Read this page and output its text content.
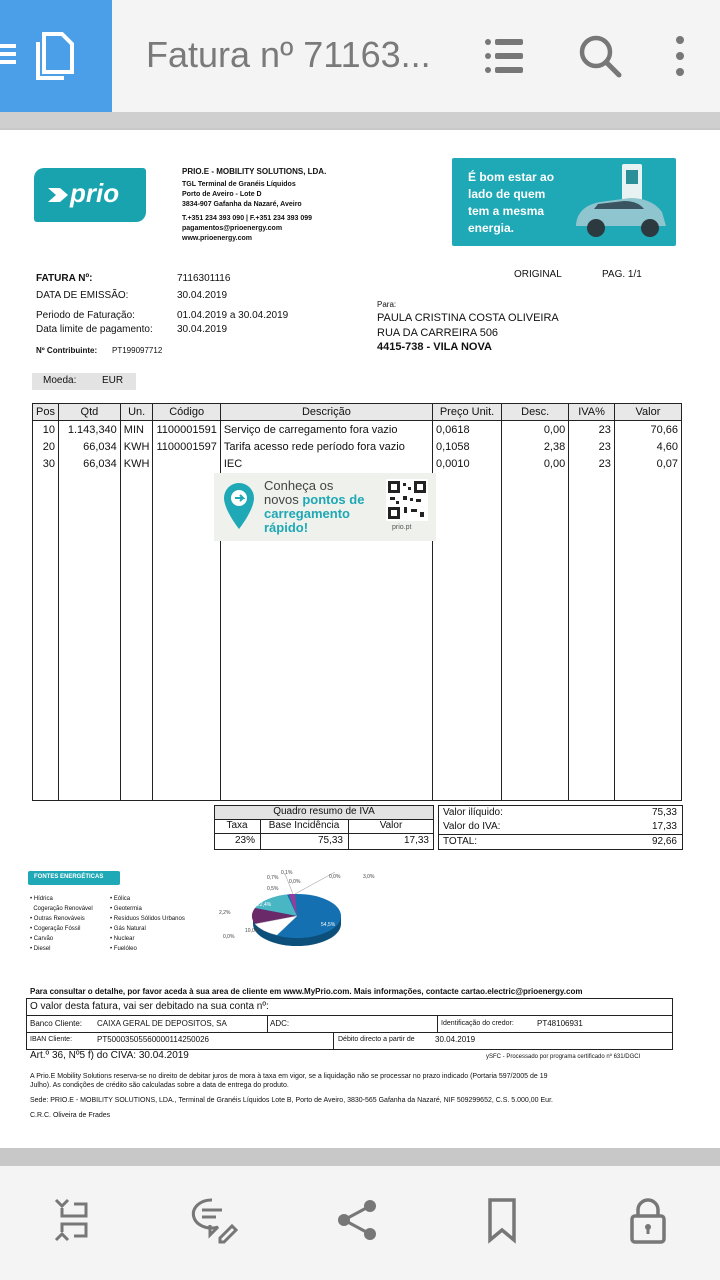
Fatura nº 71163...
prio
PRIO.E - MOBILITY SOLUTIONS, LDA.
TGL Terminal de Granéis Líquidos
Porto de Aveiro - Lote D
3834-907 Gafanha da Nazaré, Aveiro
T.+351 234 393 090 | F.+351 234 393 099
pagamentos@prioenergy.com
www.prioenergy.com
É bom estar ao
lado de quem
tem a mesma
energia.
FATURA Nº:	7116301116
DATA DE EMISSÃO:	30.04.2019
Periodo de Faturação:	01.04.2019 a 30.04.2019
Data limite de pagamento: 30.04.2019
Nº Contribuinte: PT199097712
ORIGINAL	PAG. 1/1
Para:
PAULA CRISTINA COSTA OLIVEIRA
RUA DA CARREIRA 506
4415-738 - VILA NOVA
Moeda:	EUR
Pos	Qtd	Un.	Código	Descrição	Preço Unit.	Desc.	IVA%	Valor
10	1.143,340	MIN	1100001591	Serviço de carregamento fora vazio	0,0618	0,00	23	70,66
20	66,034	KWH	1100001597	Tarifa acesso rede período fora vazio	0,1058	2,38	23	4,60
30	66,034	KWH		IEC	0,0010	0,00	23	0,07

Conheça os
novos pontos de
carregamento
rápido!	prio.pt
Quadro resumo de IVA
Taxa	Base Incidência	Valor
23%	75,33	17,33
Valor ilíquido:	75,33
Valor do IVA:	17,33
TOTAL:	92,66
FONTES ENERGÉTICAS
• Hídrica
Cogeração Renovável
• Outras Renováveis
• Cogeração Fóssil
• Carvão
• Diesel
• Eólica
• Geotermia
• Resíduos Sólidos Urbanos
• Gás Natural
• Nuclear
• Fuelóleo
0,1%
0,7%
0,0%
0,0%	3,0%
0,5%
22,4%
2,2%
6,4%
54,5%
10,0%
0,0%
Para consultar o detalhe, por favor aceda à sua area de cliente em www.MyPrio.com. Mais informações, contacte cartao.electric@prioenergy.com
O valor desta fatura, vai ser debitado na sua conta nº:
Banco Cliente: CAIXA GERAL DE DEPOSITOS, SA	ADC:	Identificação do credor:	PT48106931
IBAN Cliente:	PT50003505560000114250026	Débito directo a partir de	30.04.2019
Art.º 36, Nº5 f) do CIVA: 30.04.2019	ySFC - Processado por programa certificado nº 631/DGCI
A Prio.E Mobility Solutions reserva-se no direito de debitar juros de mora à taxa em vigor, se a liquidação não se processar no prazo indicado (Portaria 597/2005 de 19
Julho). As condições de crédito são calculadas sobre a data de entrega do produto.
Sede: PRIO.E - MOBILITY SOLUTIONS, LDA., Terminal de Granéis Líquidos Lote B, Porto de Aveiro, 3830-565 Gafanha da Nazaré, NIF 509299652, C.S. 5.000,00 Eur.
C.R.C. Oliveira de Frades
